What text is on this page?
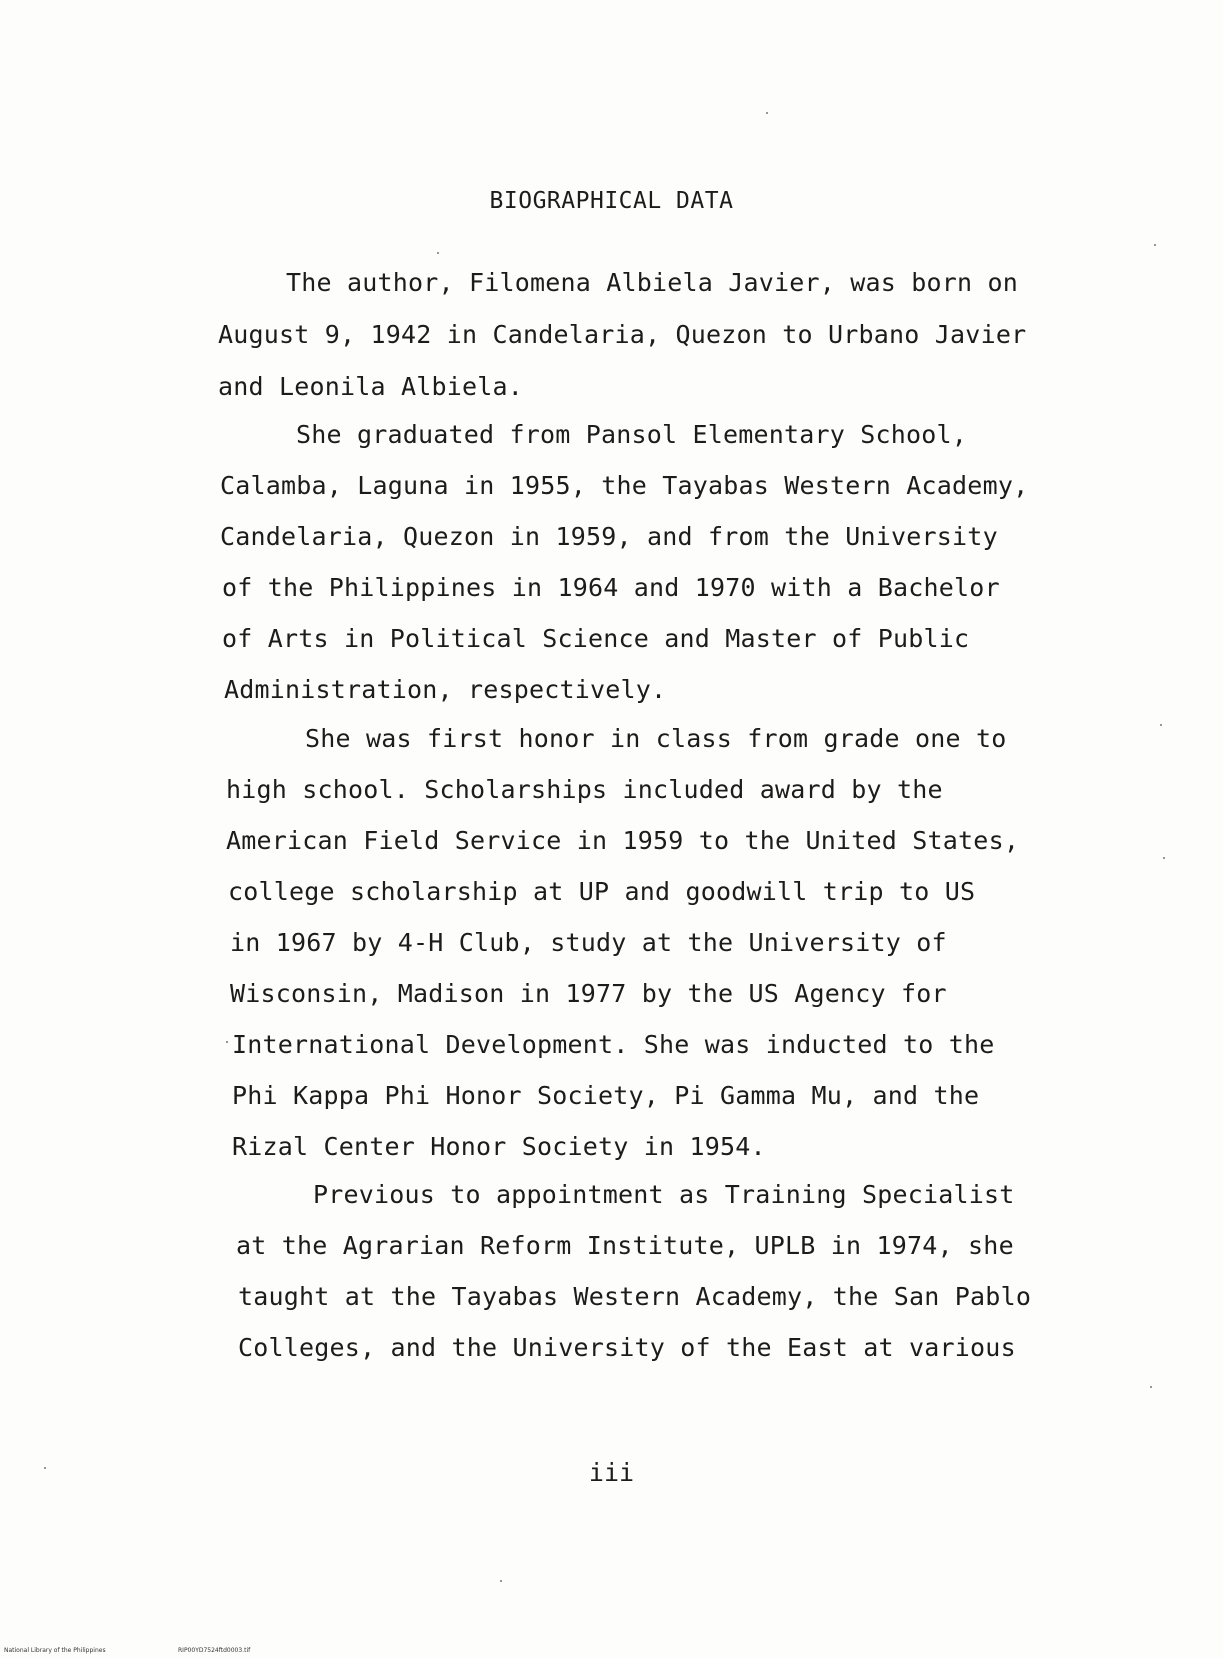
BIOGRAPHICAL DATA

The author, Filomena Albiela Javier, was born on

August 9, 1942 in Candelaria, Quezon to Urbano Javier

and Leonila Albiela.

She graduated from Pansol Elementary School,

Calamba, Laguna in 1955, the Tayabas Western Academy,

Candelaria, Quezon in 1959, and from the University

of the Philippines in 1964 and 1970 with a Bachelor

of Arts in Political Science and Master of Public

Administration, respectively.

She was first honor in class from grade one to

high school. Scholarships included award by the

American Field Service in 1959 to the United States,

college scholarship at UP and goodwill trip to US

in 1967 by 4-H Club, study at the University of

Wisconsin, Madison in 1977 by the US Agency for

International Development. She was inducted to the

Phi Kappa Phi Honor Society, Pi Gamma Mu, and the

Rizal Center Honor Society in 1954.

Previous to appointment as Training Specialist

at the Agrarian Reform Institute, UPLB in 1974, she

taught at the Tayabas Western Academy, the San Pablo

Colleges, and the University of the East at various

iii

National Library of the Philippines	RIP00YD7524ftd0003.tif
